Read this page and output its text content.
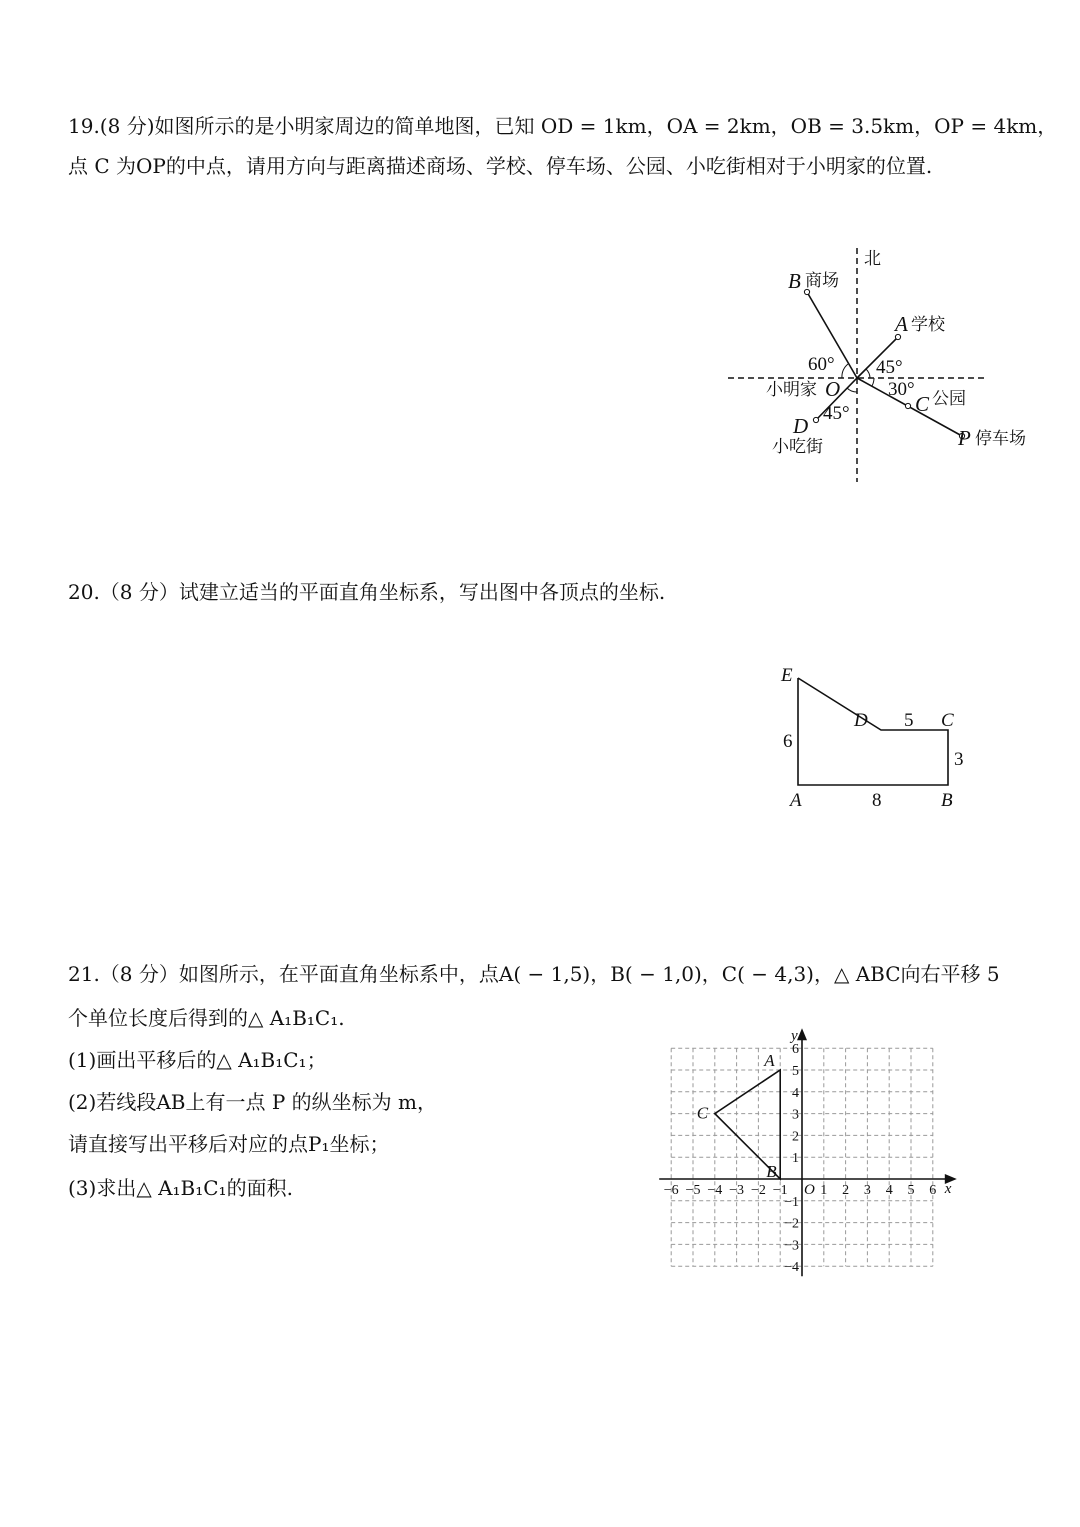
19.(8 分)如图所示的是小明家周边的简单地图，已知 OD = 1km，OA = 2km，OB = 3.5km，OP = 4km，
点 C 为OP的中点，请用方向与距离描述商场、学校、停车场、公园、小吃街相对于小明家的位置.
北
B 商场
A 学校
60° 45°
小明家 O	30°
C 公园
45°
D
小吃街	P 停车场
20.（8 分）试建立适当的平面直角坐标系，写出图中各顶点的坐标.
E
D 5 C
6
3
A	8	B
21.（8 分）如图所示，在平面直角坐标系中，点A( − 1,5)，B( − 1,0)，C( − 4,3)，△ ABC向右平移 5
个单位长度后得到的△ A₁B₁C₁.
(1)画出平移后的△ A₁B₁C₁；
(2)若线段AB上有一点 P 的纵坐标为 m，
请直接写出平移后对应的点P₁坐标；
(3)求出△ A₁B₁C₁的面积.	x
y
O
−6 −5 −4 −3 −2 −1 1 2 3 4 5 6
6
5
4
3
2
1
−1
−2
−3
−4
A
B
C
